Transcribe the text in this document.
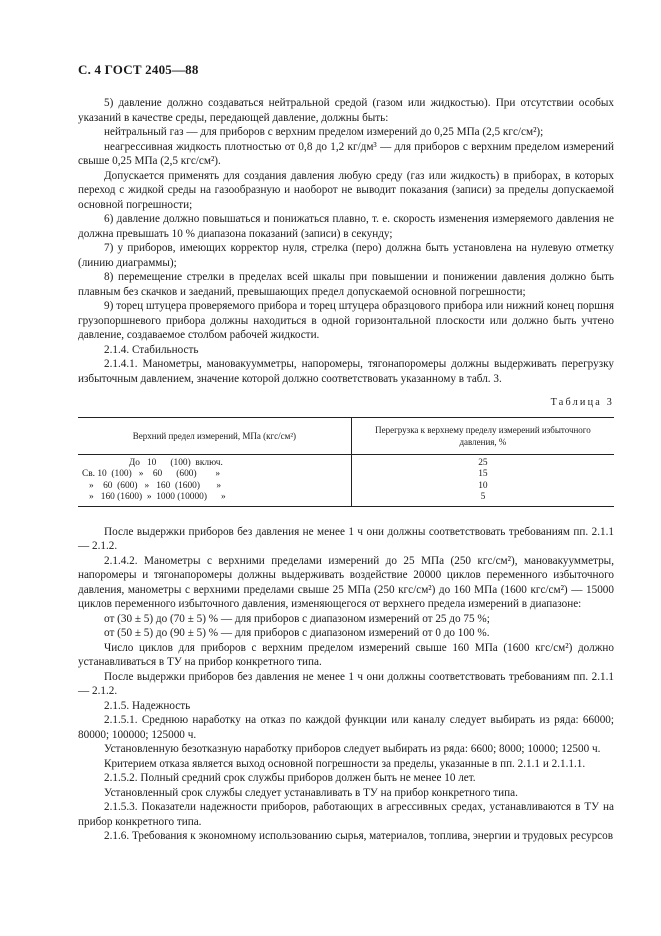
С. 4 ГОСТ 2405—88

5) давление должно создаваться нейтральной средой (газом или жидкостью). При отсутствии особых указаний в качестве среды, передающей давление, должны быть:

нейтральный газ — для приборов с верхним пределом измерений до 0,25 МПа (2,5 кгс/см²);

неагрессивная жидкость плотностью от 0,8 до 1,2 кг/дм³ — для приборов с верхним пределом измерений свыше 0,25 МПа (2,5 кгс/см²).

Допускается применять для создания давления любую среду (газ или жидкость) в приборах, в которых переход с жидкой среды на газообразную и наоборот не выводит показания (записи) за пределы допускаемой основной погрешности;

6) давление должно повышаться и понижаться плавно, т. е. скорость изменения измеряемого давления не должна превышать 10 % диапазона показаний (записи) в секунду;

7) у приборов, имеющих корректор нуля, стрелка (перо) должна быть установлена на нулевую отметку (линию диаграммы);

8) перемещение стрелки в пределах всей шкалы при повышении и понижении давления должно быть плавным без скачков и заеданий, превышающих предел допускаемой основной погрешности;

9) торец штуцера проверяемого прибора и торец штуцера образцового прибора или нижний конец поршня грузопоршневого прибора должны находиться в одной горизонтальной плоскости или должно быть учтено давление, создаваемое столбом рабочей жидкости.

2.1.4. Стабильность

2.1.4.1. Манометры, мановакуумметры, напоромеры, тягонапоромеры должны выдерживать перегрузку избыточным давлением, значение которой должно соответствовать указанному в табл. 3.

Таблица 3
Верхний предел измерений, МПа (кгс/см²)	Перегрузка к верхнему пределу измерений избыточного давления, %
До   10      (100)  включ.	25
Св. 10  (100)   »    60      (600)        »	15
»    60  (600)   »   160  (1600)       »	10
»   160 (1600)  »  1000 (10000)      »	5

После выдержки приборов без давления не менее 1 ч они должны соответствовать требованиям пп. 2.1.1 — 2.1.2.

2.1.4.2. Манометры с верхними пределами измерений до 25 МПа (250 кгс/см²), мановакуумметры, напоромеры и тягонапоромеры должны выдерживать воздействие 20000 циклов переменного избыточного давления, манометры с верхними пределами свыше 25 МПа (250 кгс/см²) до 160 МПа (1600 кгс/см²) — 15000 циклов переменного избыточного давления, изменяющегося от верхнего предела измерений в диапазоне:

от (30 ± 5) до (70 ± 5) % — для приборов с диапазоном измерений от 25 до 75 %;

от (50 ± 5) до (90 ± 5) % — для приборов с диапазоном измерений от 0 до 100 %.

Число циклов для приборов с верхним пределом измерений свыше 160 МПа (1600 кгс/см²) должно устанавливаться в ТУ на прибор конкретного типа.

После выдержки приборов без давления не менее 1 ч они должны соответствовать требованиям пп. 2.1.1 — 2.1.2.

2.1.5. Надежность

2.1.5.1. Среднюю наработку на отказ по каждой функции или каналу следует выбирать из ряда: 66000; 80000; 100000; 125000 ч.

Установленную безотказную наработку приборов следует выбирать из ряда: 6600; 8000; 10000; 12500 ч.

Критерием отказа является выход основной погрешности за пределы, указанные в пп. 2.1.1 и 2.1.1.1.

2.1.5.2. Полный средний срок службы приборов должен быть не менее 10 лет.

Установленный срок службы следует устанавливать в ТУ на прибор конкретного типа.

2.1.5.3. Показатели надежности приборов, работающих в агрессивных средах, устанавливаются в ТУ на прибор конкретного типа.

2.1.6. Требования к экономному использованию сырья, материалов, топлива, энергии и трудовых ресурсов
